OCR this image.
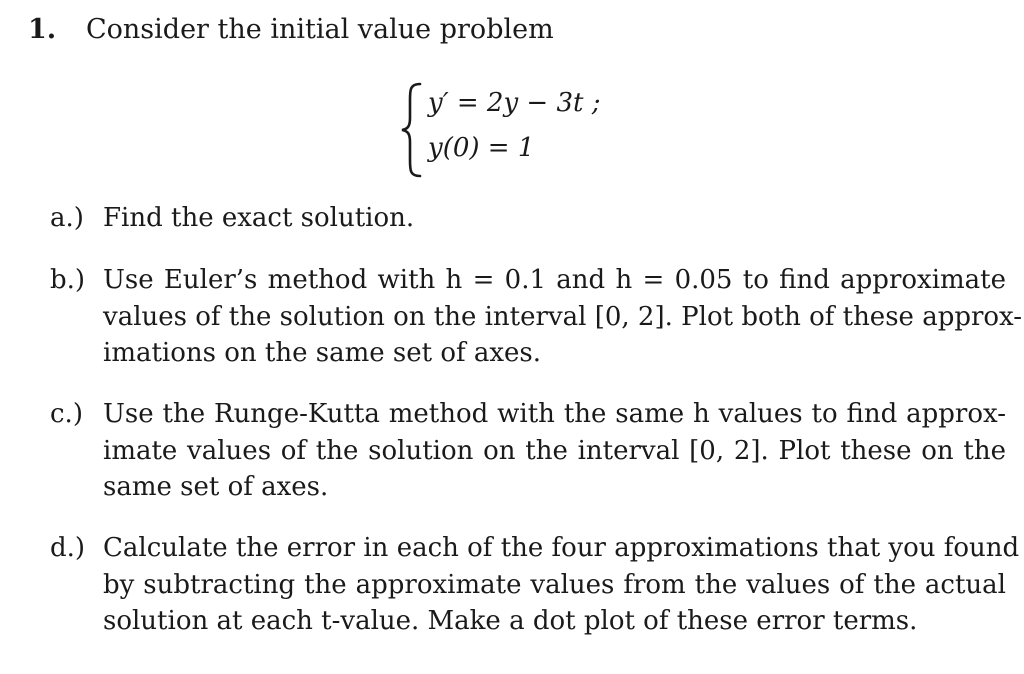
1. Consider the initial value problem
y′ = 2y − 3t ;
y(0) = 1
a.) Find the exact solution.
b.) Use Euler’s method with h = 0.1 and h = 0.05 to find approximate
values of the solution on the interval [0, 2]. Plot both of these approx-
imations on the same set of axes.
c.) Use the Runge-Kutta method with the same h values to find approx-
imate values of the solution on the interval [0, 2]. Plot these on the
same set of axes.
d.) Calculate the error in each of the four approximations that you found
by subtracting the approximate values from the values of the actual
solution at each t-value. Make a dot plot of these error terms.
